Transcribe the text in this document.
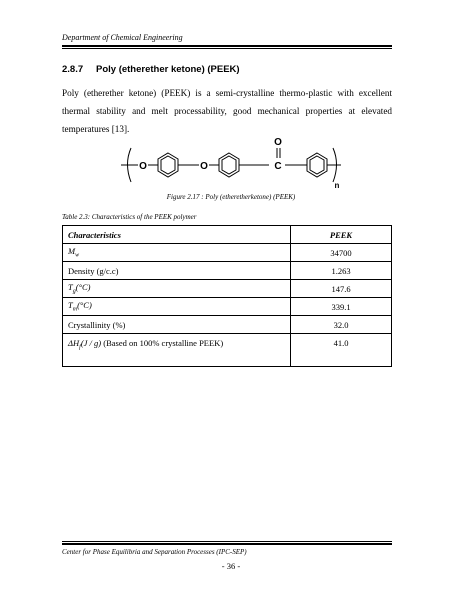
Department of Chemical Engineering
2.8.7 Poly (etherether ketone) (PEEK)
Poly (etherether ketone) (PEEK) is a semi-crystalline thermo-plastic with excellent thermal stability and melt processability, good mechanical properties at elevated temperatures [13].
O	O	C
O
n
Figure 2.17 : Poly (etheretherketone) (PEEK)
Table 2.3: Characteristics of the PEEK polymer
Characteristics	PEEK
$M_w$	34700
Density (g/c.c)	1.263
$T_g(^\circ C)$	147.6
$T_m(^\circ C)$	339.1
Crystallinity (%)	32.0
$\Delta H_f(J / g)$ (Based on 100% crystalline PEEK)	41.0
Center for Phase Equilibria and Separation Processes (IPC-SEP)
- 36 -
